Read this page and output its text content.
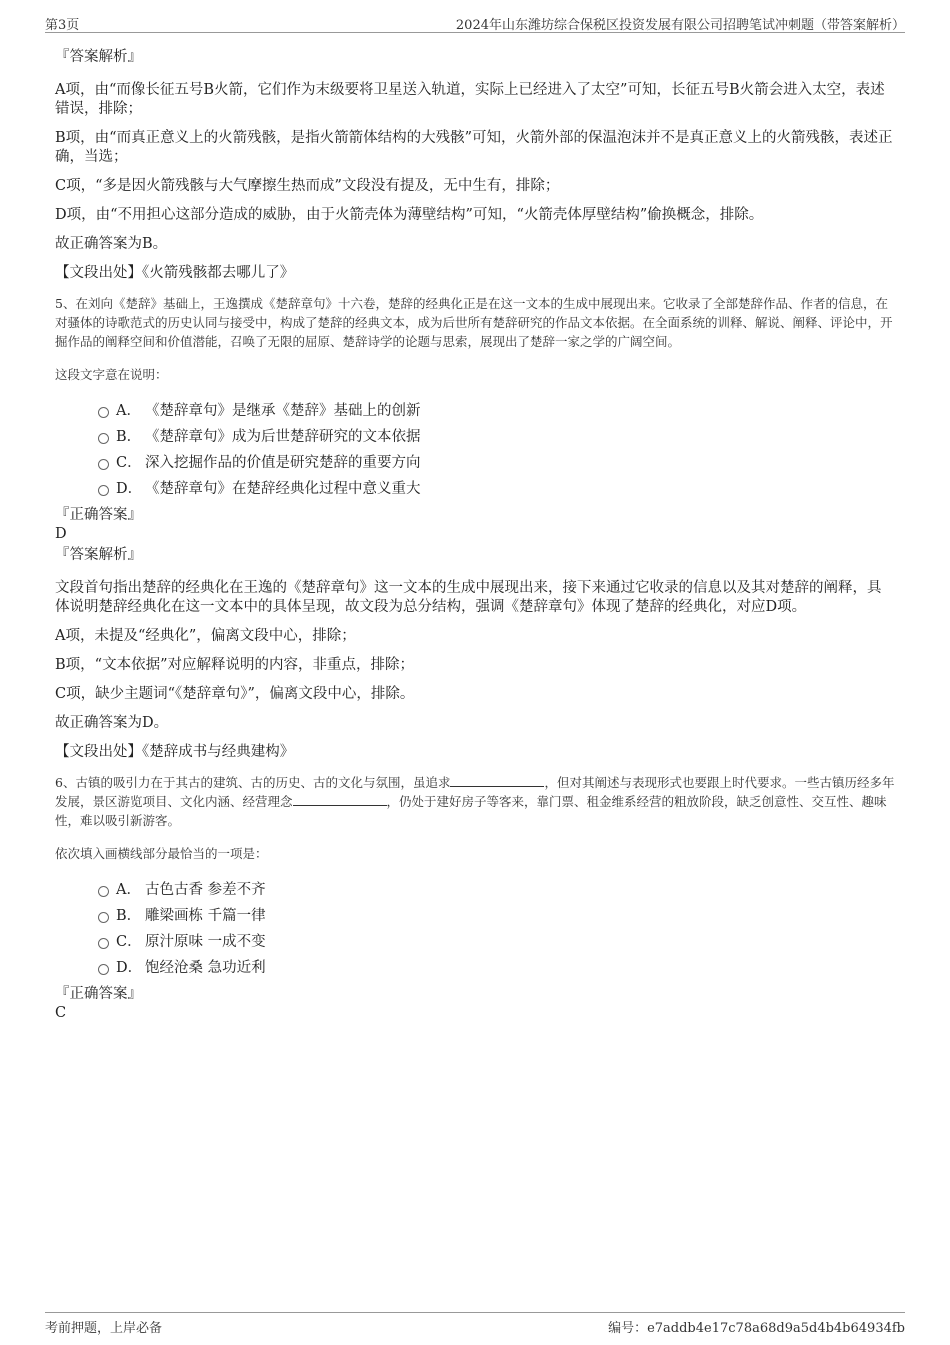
第3页	2024年山东潍坊综合保税区投资发展有限公司招聘笔试冲刺题（带答案解析）

『答案解析』

A项，由“而像长征五号B火箭，它们作为末级要将卫星送入轨道，实际上已经进入了太空”可知，长征五号B火箭会进入太空，表述错误，排除；

B项，由“而真正意义上的火箭残骸，是指火箭箭体结构的大残骸”可知，火箭外部的保温泡沫并不是真正意义上的火箭残骸，表述正确，当选；

C项，“多是因火箭残骸与大气摩擦生热而成”文段没有提及，无中生有，排除；

D项，由“不用担心这部分造成的威胁，由于火箭壳体为薄壁结构”可知，“火箭壳体厚壁结构”偷换概念，排除。

故正确答案为B。

【文段出处】《火箭残骸都去哪儿了》

5、在刘向《楚辞》基础上，王逸撰成《楚辞章句》十六卷，楚辞的经典化正是在这一文本的生成中展现出来。它收录了全部楚辞作品、作者的信息，在对骚体的诗歌范式的历史认同与接受中，构成了楚辞的经典文本，成为后世所有楚辞研究的作品文本依据。在全面系统的训释、解说、阐释、评论中，开掘作品的阐释空间和价值潜能，召唤了无限的屈原、楚辞诗学的论题与思索，展现出了楚辞一家之学的广阔空间。

这段文字意在说明：

A． 《楚辞章句》是继承《楚辞》基础上的创新
B． 《楚辞章句》成为后世楚辞研究的文本依据
C． 深入挖掘作品的价值是研究楚辞的重要方向
D． 《楚辞章句》在楚辞经典化过程中意义重大

『正确答案』

D

『答案解析』

文段首句指出楚辞的经典化在王逸的《楚辞章句》这一文本的生成中展现出来，接下来通过它收录的信息以及其对楚辞的阐释，具体说明楚辞经典化在这一文本中的具体呈现，故文段为总分结构，强调《楚辞章句》体现了楚辞的经典化，对应D项。

A项，未提及“经典化”，偏离文段中心，排除；

B项，“文本依据”对应解释说明的内容，非重点，排除；

C项，缺少主题词“《楚辞章句》”，偏离文段中心，排除。

故正确答案为D。

【文段出处】《楚辞成书与经典建构》

6、古镇的吸引力在于其古的建筑、古的历史、古的文化与氛围，虽追求	，但对其阐述与表现形式也要跟上时代要求。一些古镇历经多年发展，景区游览项目、文化内涵、经营理念	，仍处于建好房子等客来，靠门票、租金维系经营的粗放阶段，缺乏创意性、交互性、趣味性，难以吸引新游客。

依次填入画横线部分最恰当的一项是：

A． 古色古香 参差不齐
B． 雕梁画栋 千篇一律
C． 原汁原味 一成不变
D． 饱经沧桑 急功近利

『正确答案』

C

考前押题，上岸必备	编号：e7addb4e17c78a68d9a5d4b4b64934fb
